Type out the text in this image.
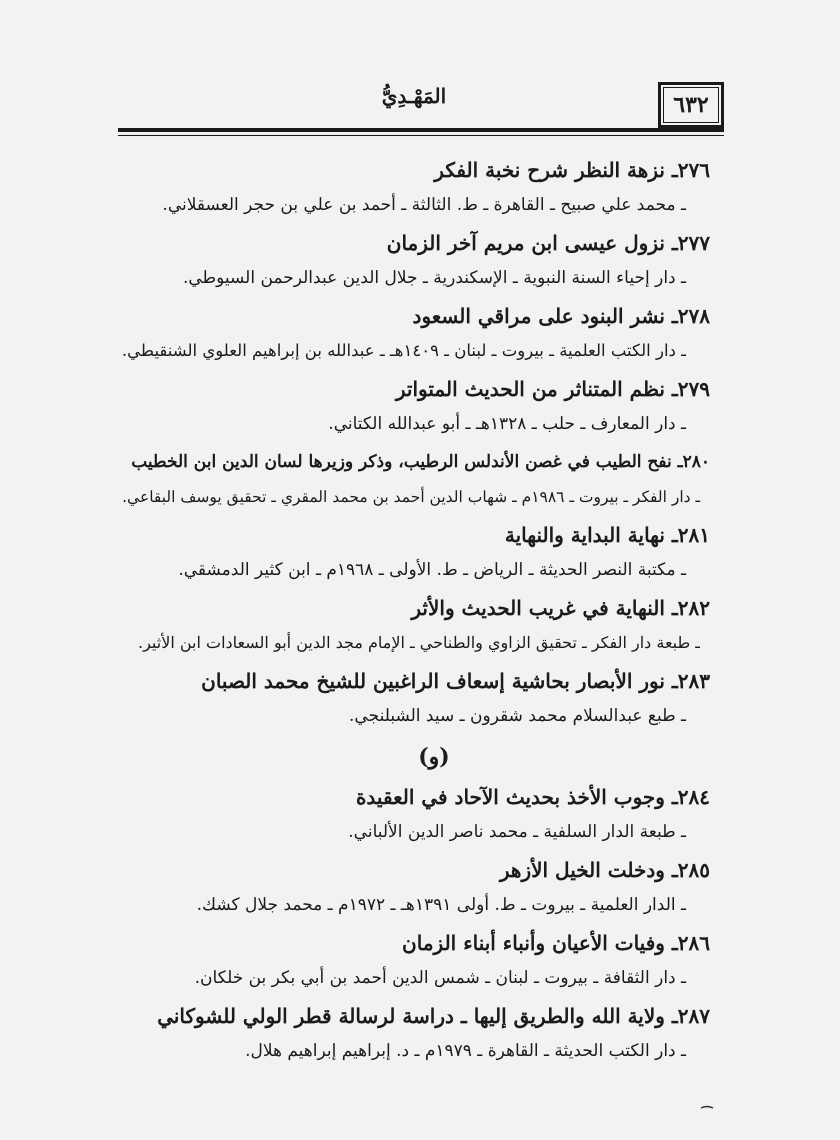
٦٣٢
المَهْـدِيُّ
٢٧٦ـ نزهة النظر شرح نخبة الفكر
ـ محمد علي صبيح ـ القاهرة ـ ط. الثالثة ـ أحمد بن علي بن حجر العسقلاني.
٢٧٧ـ نزول عيسى ابن مريم آخر الزمان
ـ دار إحياء السنة النبوية ـ الإسكندرية ـ جلال الدين عبدالرحمن السيوطي.
٢٧٨ـ نشر البنود على مراقي السعود
ـ دار الكتب العلمية ـ بيروت ـ لبنان ـ ١٤٠٩هـ ـ عبدالله بن إبراهيم العلوي الشنقيطي.
٢٧٩ـ نظم المتناثر من الحديث المتواتر
ـ دار المعارف ـ حلب ـ ١٣٢٨هـ ـ أبو عبدالله الكتاني.
٢٨٠ـ نفح الطيب في غصن الأندلس الرطيب، وذكر وزيرها لسان الدين ابن الخطيب
ـ دار الفكر ـ بيروت ـ ١٩٨٦م ـ شهاب الدين أحمد بن محمد المقري ـ تحقيق يوسف البقاعي.
٢٨١ـ نهاية البداية والنهاية
ـ مكتبة النصر الحديثة ـ الرياض ـ ط. الأولى ـ ١٩٦٨م ـ ابن كثير الدمشقي.
٢٨٢ـ النهاية في غريب الحديث والأثر
ـ طبعة دار الفكر ـ تحقيق الزاوي والطناحي ـ الإمام مجد الدين أبو السعادات ابن الأثير.
٢٨٣ـ نور الأبصار بحاشية إسعاف الراغبين للشيخ محمد الصبان
ـ طبع عبدالسلام محمد شقرون ـ سيد الشبلنجي.
(و)
٢٨٤ـ وجوب الأخذ بحديث الآحاد في العقيدة
ـ طبعة الدار السلفية ـ محمد ناصر الدين الألباني.
٢٨٥ـ ودخلت الخيل الأزهر
ـ الدار العلمية ـ بيروت ـ ط. أولى ١٣٩١هـ ـ ١٩٧٢م ـ محمد جلال كشك.
٢٨٦ـ وفيات الأعيان وأنباء أبناء الزمان
ـ دار الثقافة ـ بيروت ـ لبنان ـ شمس الدين أحمد بن أبي بكر بن خلكان.
٢٨٧ـ ولاية الله والطريق إليها ـ دراسة لرسالة قطر الولي للشوكاني
ـ دار الكتب الحديثة ـ القاهرة ـ ١٩٧٩م ـ د. إبراهيم إبراهيم هلال.
